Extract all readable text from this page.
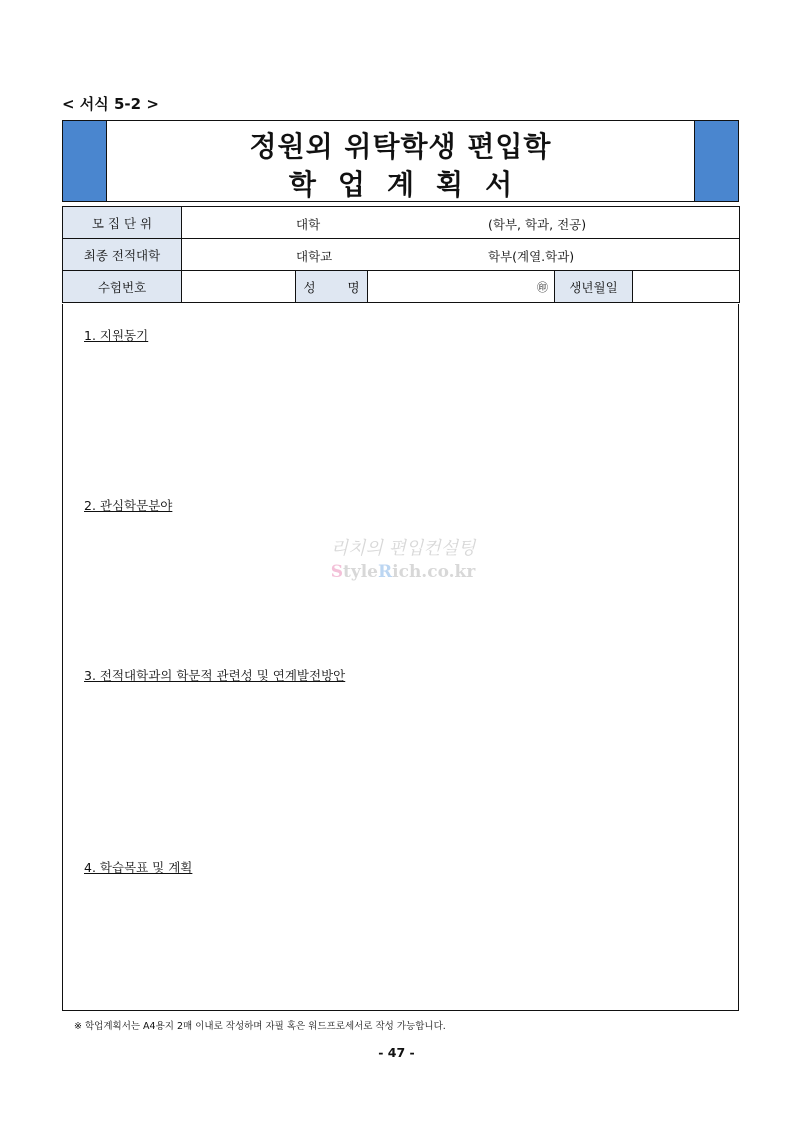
< 서식 5-2 >
정원외 위탁학생 편입학
학업계획서
모 집 단 위	대학 (학부, 학과, 전공)				

최종 전적대학	대학교 학부(계열.학과)				

수험번호		성 명	㊞	생년월일	
1. 지원동기
2. 관심학문분야
3. 전적대학과의 학문적 관련성 및 연계발전방안
4. 학습목표 및 계획
리치의 편입컨설팅
StyleRich.co.kr
※ 학업계획서는 A4용지 2매 이내로 작성하며 자필 혹은 워드프로세서로 작성 가능합니다.
- 47 -
